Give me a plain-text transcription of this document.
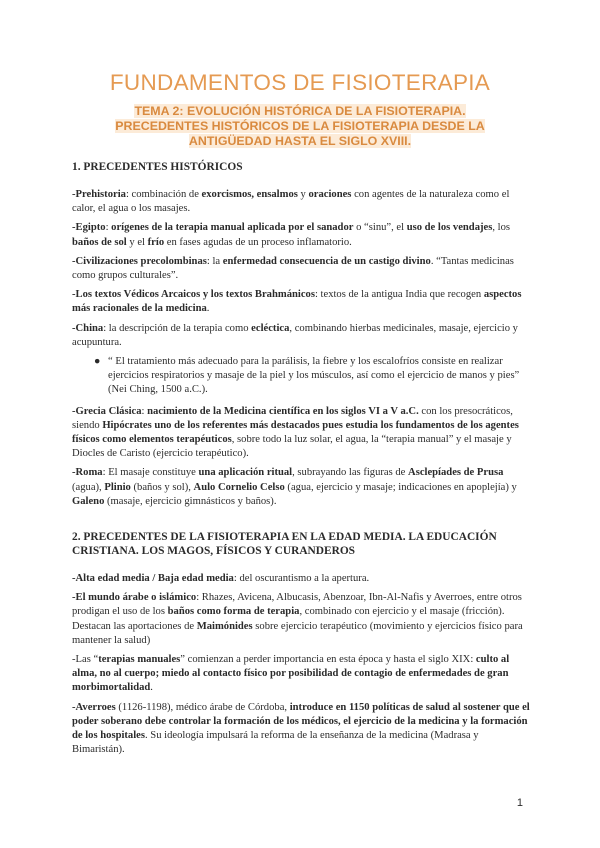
FUNDAMENTOS DE FISIOTERAPIA
TEMA 2: EVOLUCIÓN HISTÓRICA DE LA FISIOTERAPIA. PRECEDENTES HISTÓRICOS DE LA FISIOTERAPIA DESDE LA ANTIGÜEDAD HASTA EL SIGLO XVIII.
1. PRECEDENTES HISTÓRICOS

-Prehistoria: combinación de exorcismos, ensalmos y oraciones con agentes de la naturaleza como el calor, el agua o los masajes.

-Egipto: orígenes de la terapia manual aplicada por el sanador o “sinu”, el uso de los vendajes, los baños de sol y el frío en fases agudas de un proceso inflamatorio.

-Civilizaciones precolombinas: la enfermedad consecuencia de un castigo divino. “Tantas medicinas como grupos culturales”.

-Los textos Védicos Arcaicos y los textos Brahmánicos: textos de la antigua India que recogen aspectos más racionales de la medicina.

-China: la descripción de la terapia como ecléctica, combinando hierbas medicinales, masaje, ejercicio y acupuntura.

● “ El tratamiento más adecuado para la parálisis, la fiebre y los escalofríos consiste en realizar ejercicios respiratorios y masaje de la piel y los músculos, así como el ejercicio de manos y pies” (Nei Ching, 1500 a.C.).

-Grecia Clásica: nacimiento de la Medicina científica en los siglos VI a V a.C. con los presocráticos, siendo Hipócrates uno de los referentes más destacados pues estudia los fundamentos de los agentes físicos como elementos terapéuticos, sobre todo la luz solar, el agua, la “terapia manual” y el masaje y Diocles de Caristo (ejercicio terapéutico).

-Roma: El masaje constituye una aplicación ritual, subrayando las figuras de Asclepíades de Prusa (agua), Plinio (baños y sol), Aulo Cornelio Celso (agua, ejercicio y masaje; indicaciones en apoplejía) y Galeno (masaje, ejercicio gimnásticos y baños).

2. PRECEDENTES DE LA FISIOTERAPIA EN LA EDAD MEDIA. LA EDUCACIÓN CRISTIANA. LOS MAGOS, FÍSICOS Y CURANDEROS

-Alta edad media / Baja edad media: del oscurantismo a la apertura.

-El mundo árabe o islámico: Rhazes, Avicena, Albucasis, Abenzoar, Ibn-Al-Nafis y Averroes, entre otros prodigan el uso de los baños como forma de terapia, combinado con ejercicio y el masaje (fricción). Destacan las aportaciones de Maimónides sobre ejercicio terapéutico (movimiento y ejercicios físico para mantener la salud)

-Las “terapias manuales” comienzan a perder importancia en esta época y hasta el siglo XIX: culto al alma, no al cuerpo; miedo al contacto físico por posibilidad de contagio de enfermedades de gran morbimortalidad.

-Averroes (1126-1198), médico árabe de Córdoba, introduce en 1150 políticas de salud al sostener que el poder soberano debe controlar la formación de los médicos, el ejercicio de la medicina y la formación de los hospitales. Su ideología impulsará la reforma de la enseñanza de la medicina (Madrasa y Bimaristán).

1
